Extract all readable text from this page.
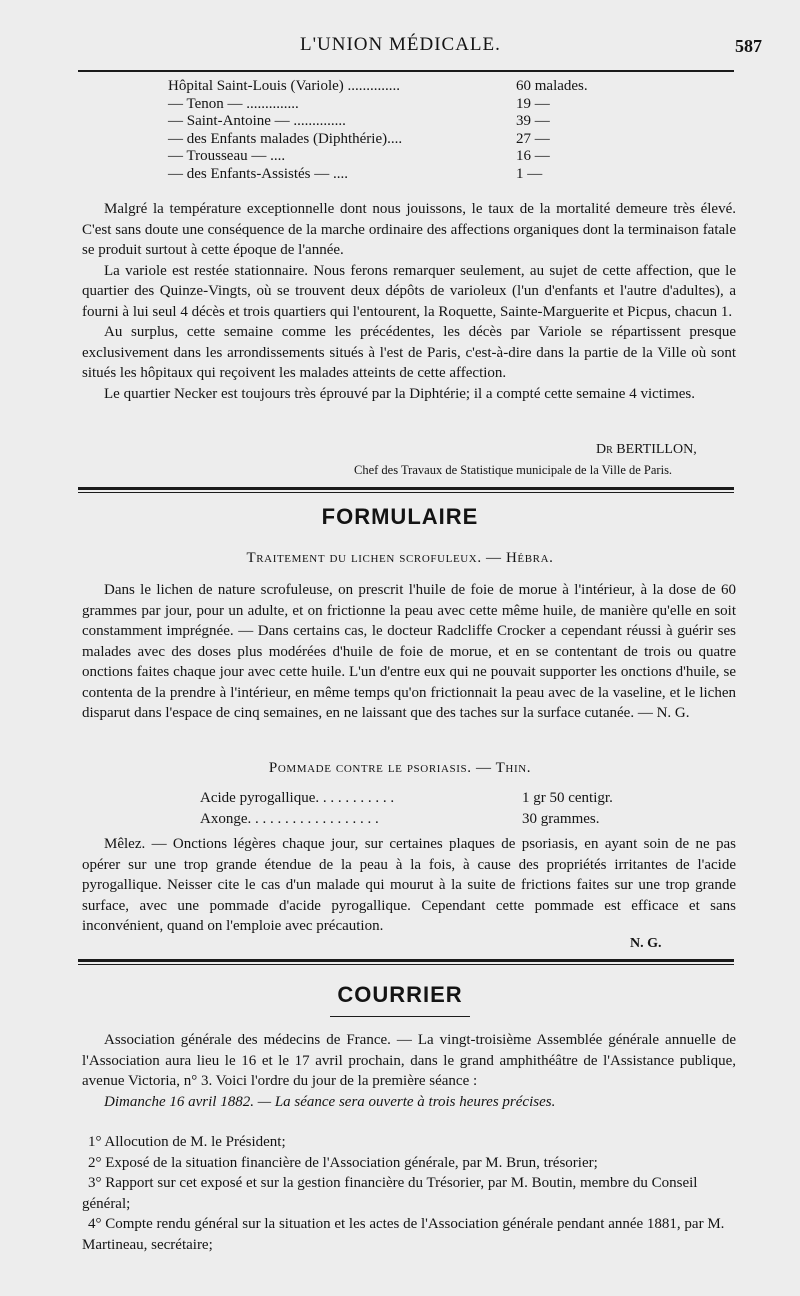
L'UNION MÉDICALE.	587
Hôpital Saint-Louis (Variole) ..............	60 malades.
— Tenon — ..............	19 —
— Saint-Antoine — ..............	39 —
— des Enfants malades (Diphthérie)....	27 —
— Trousseau — ....	16 —
— des Enfants-Assistés — ....	1 —

Malgré la température exceptionnelle dont nous jouissons, le taux de la mortalité demeure très élevé. C'est sans doute une conséquence de la marche ordinaire des affections organiques dont la terminaison fatale se produit surtout à cette époque de l'année.

La variole est restée stationnaire. Nous ferons remarquer seulement, au sujet de cette affection, que le quartier des Quinze-Vingts, où se trouvent deux dépôts de varioleux (l'un d'enfants et l'autre d'adultes), a fourni à lui seul 4 décès et trois quartiers qui l'entourent, la Roquette, Sainte-Marguerite et Picpus, chacun 1.

Au surplus, cette semaine comme les précédentes, les décès par Variole se répartissent presque exclusivement dans les arrondissements situés à l'est de Paris, c'est-à-dire dans la partie de la Ville où sont situés les hôpitaux qui reçoivent les malades atteints de cette affection.

Le quartier Necker est toujours très éprouvé par la Diphtérie; il a compté cette semaine 4 victimes.

Dr BERTILLON,
Chef des Travaux de Statistique municipale de la Ville de Paris.
FORMULAIRE
Traitement du lichen scrofuleux. — Hébra.

Dans le lichen de nature scrofuleuse, on prescrit l'huile de foie de morue à l'intérieur, à la dose de 60 grammes par jour, pour un adulte, et on frictionne la peau avec cette même huile, de manière qu'elle en soit constamment imprégnée. — Dans certains cas, le docteur Radcliffe Crocker a cependant réussi à guérir ses malades avec des doses plus modérées d'huile de foie de morue, et en se contentant de trois ou quatre onctions faites chaque jour avec cette huile. L'un d'entre eux qui ne pouvait supporter les onctions d'huile, se contenta de la prendre à l'intérieur, en même temps qu'on frictionnait la peau avec de la vaseline, et le lichen disparut dans l'espace de cinq semaines, en ne laissant que des taches sur la surface cutanée. — N. G.

Pommade contre le psoriasis. — Thin.
Acide pyrogallique. . . . . . . . . . .	1 gr 50 centigr.
Axonge. . . . . . . . . . . . . . . . . .	30 grammes.

Mêlez. — Onctions légères chaque jour, sur certaines plaques de psoriasis, en ayant soin de ne pas opérer sur une trop grande étendue de la peau à la fois, à cause des propriétés irritantes de l'acide pyrogallique. Neisser cite le cas d'un malade qui mourut à la suite de frictions faites sur une trop grande surface, avec une pommade d'acide pyrogallique. Cependant cette pommade est efficace et sans inconvénient, quand on l'emploie avec précaution.

N. G.
COURRIER

Association générale des médecins de France. — La vingt-troisième Assemblée générale annuelle de l'Association aura lieu le 16 et le 17 avril prochain, dans le grand amphithéâtre de l'Assistance publique, avenue Victoria, n° 3. Voici l'ordre du jour de la première séance :

Dimanche 16 avril 1882. — La séance sera ouverte à trois heures précises.

1° Allocution de M. le Président;

2° Exposé de la situation financière de l'Association générale, par M. Brun, trésorier;

3° Rapport sur cet exposé et sur la gestion financière du Trésorier, par M. Boutin, membre du Conseil général;

4° Compte rendu général sur la situation et les actes de l'Association générale pendant année 1881, par M. Martineau, secrétaire;
